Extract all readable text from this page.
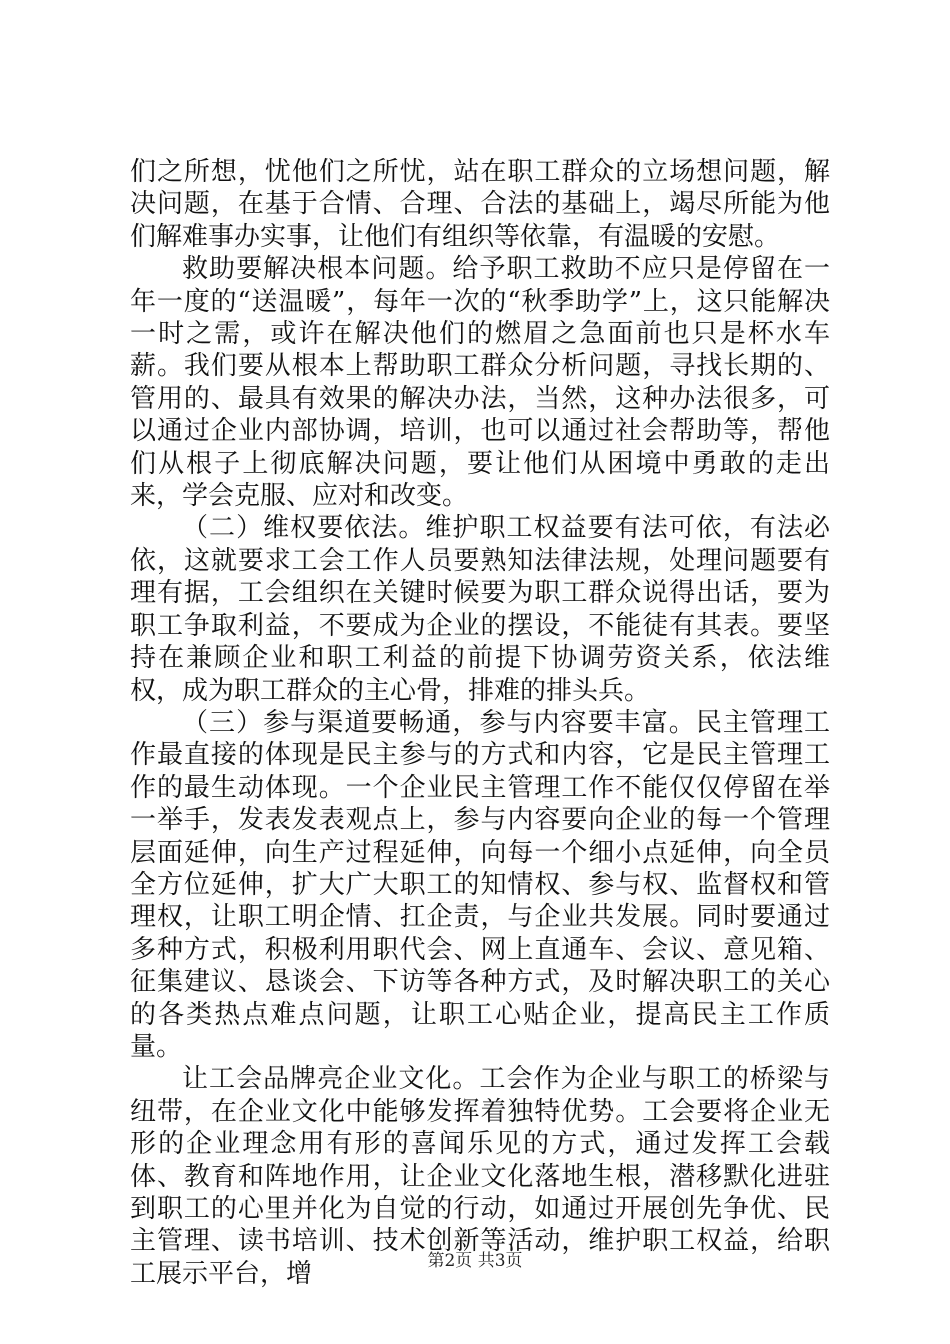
们之所想，忧他们之所忧，站在职工群众的立场想问题，解决问题，在基于合情、合理、合法的基础上，竭尽所能为他们解难事办实事，让他们有组织等依靠，有温暖的安慰。

救助要解决根本问题。给予职工救助不应只是停留在一年一度的“送温暖”，每年一次的“秋季助学”上，这只能解决一时之需，或许在解决他们的燃眉之急面前也只是杯水车薪。我们要从根本上帮助职工群众分析问题，寻找长期的、管用的、最具有效果的解决办法，当然，这种办法很多，可以通过企业内部协调，培训，也可以通过社会帮助等，帮他们从根子上彻底解决问题，要让他们从困境中勇敢的走出来，学会克服、应对和改变。

（二）维权要依法。维护职工权益要有法可依，有法必依，这就要求工会工作人员要熟知法律法规，处理问题要有理有据，工会组织在关键时候要为职工群众说得出话，要为职工争取利益，不要成为企业的摆设，不能徒有其表。要坚持在兼顾企业和职工利益的前提下协调劳资关系，依法维权，成为职工群众的主心骨，排难的排头兵。

（三）参与渠道要畅通，参与内容要丰富。民主管理工作最直接的体现是民主参与的方式和内容，它是民主管理工作的最生动体现。一个企业民主管理工作不能仅仅停留在举一举手，发表发表观点上，参与内容要向企业的每一个管理层面延伸，向生产过程延伸，向每一个细小点延伸，向全员全方位延伸，扩大广大职工的知情权、参与权、监督权和管理权，让职工明企情、扛企责，与企业共发展。同时要通过多种方式，积极利用职代会、网上直通车、会议、意见箱、征集建议、恳谈会、下访等各种方式，及时解决职工的关心的各类热点难点问题，让职工心贴企业，提高民主工作质量。

让工会品牌亮企业文化。工会作为企业与职工的桥梁与纽带，在企业文化中能够发挥着独特优势。工会要将企业无形的企业理念用有形的喜闻乐见的方式，通过发挥工会载体、教育和阵地作用，让企业文化落地生根，潜移默化进驻到职工的心里并化为自觉的行动，如通过开展创先争优、民主管理、读书培训、技术创新等活动，维护职工权益，给职工展示平台，增	第2页 共3页
